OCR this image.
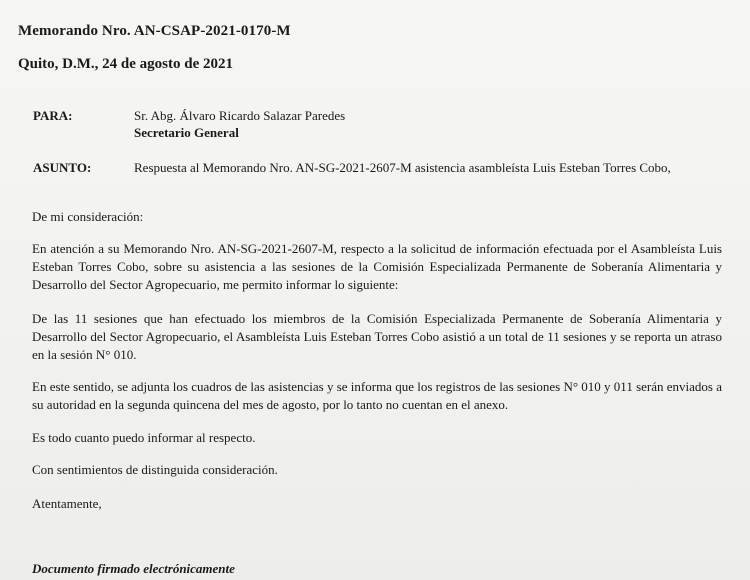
Memorando Nro. AN-CSAP-2021-0170-M
Quito, D.M., 24 de agosto de 2021
PARA:	Sr. Abg. Álvaro Ricardo Salazar Paredes
Secretario General
ASUNTO:	Respuesta al Memorando Nro. AN-SG-2021-2607-M asistencia asambleísta Luis Esteban Torres Cobo,
De mi consideración:
En atención a su Memorando Nro. AN-SG-2021-2607-M, respecto a la solicitud de información efectuada por el Asambleísta Luis Esteban Torres Cobo, sobre su asistencia a las sesiones de la Comisión Especializada Permanente de Soberanía Alimentaria y Desarrollo del Sector Agropecuario, me permito informar lo siguiente:
De las 11 sesiones que han efectuado los miembros de la Comisión Especializada Permanente de Soberanía Alimentaria y Desarrollo del Sector Agropecuario, el Asambleísta Luis Esteban Torres Cobo asistió a un total de 11 sesiones y se reporta un atraso en la sesión N° 010.
En este sentido, se adjunta los cuadros de las asistencias y se informa que los registros de las sesiones N° 010 y 011 serán enviados a su autoridad en la segunda quincena del mes de agosto, por lo tanto no cuentan en el anexo.
Es todo cuanto puedo informar al respecto.
Con sentimientos de distinguida consideración.
Atentamente,
Documento firmado electrónicamente
